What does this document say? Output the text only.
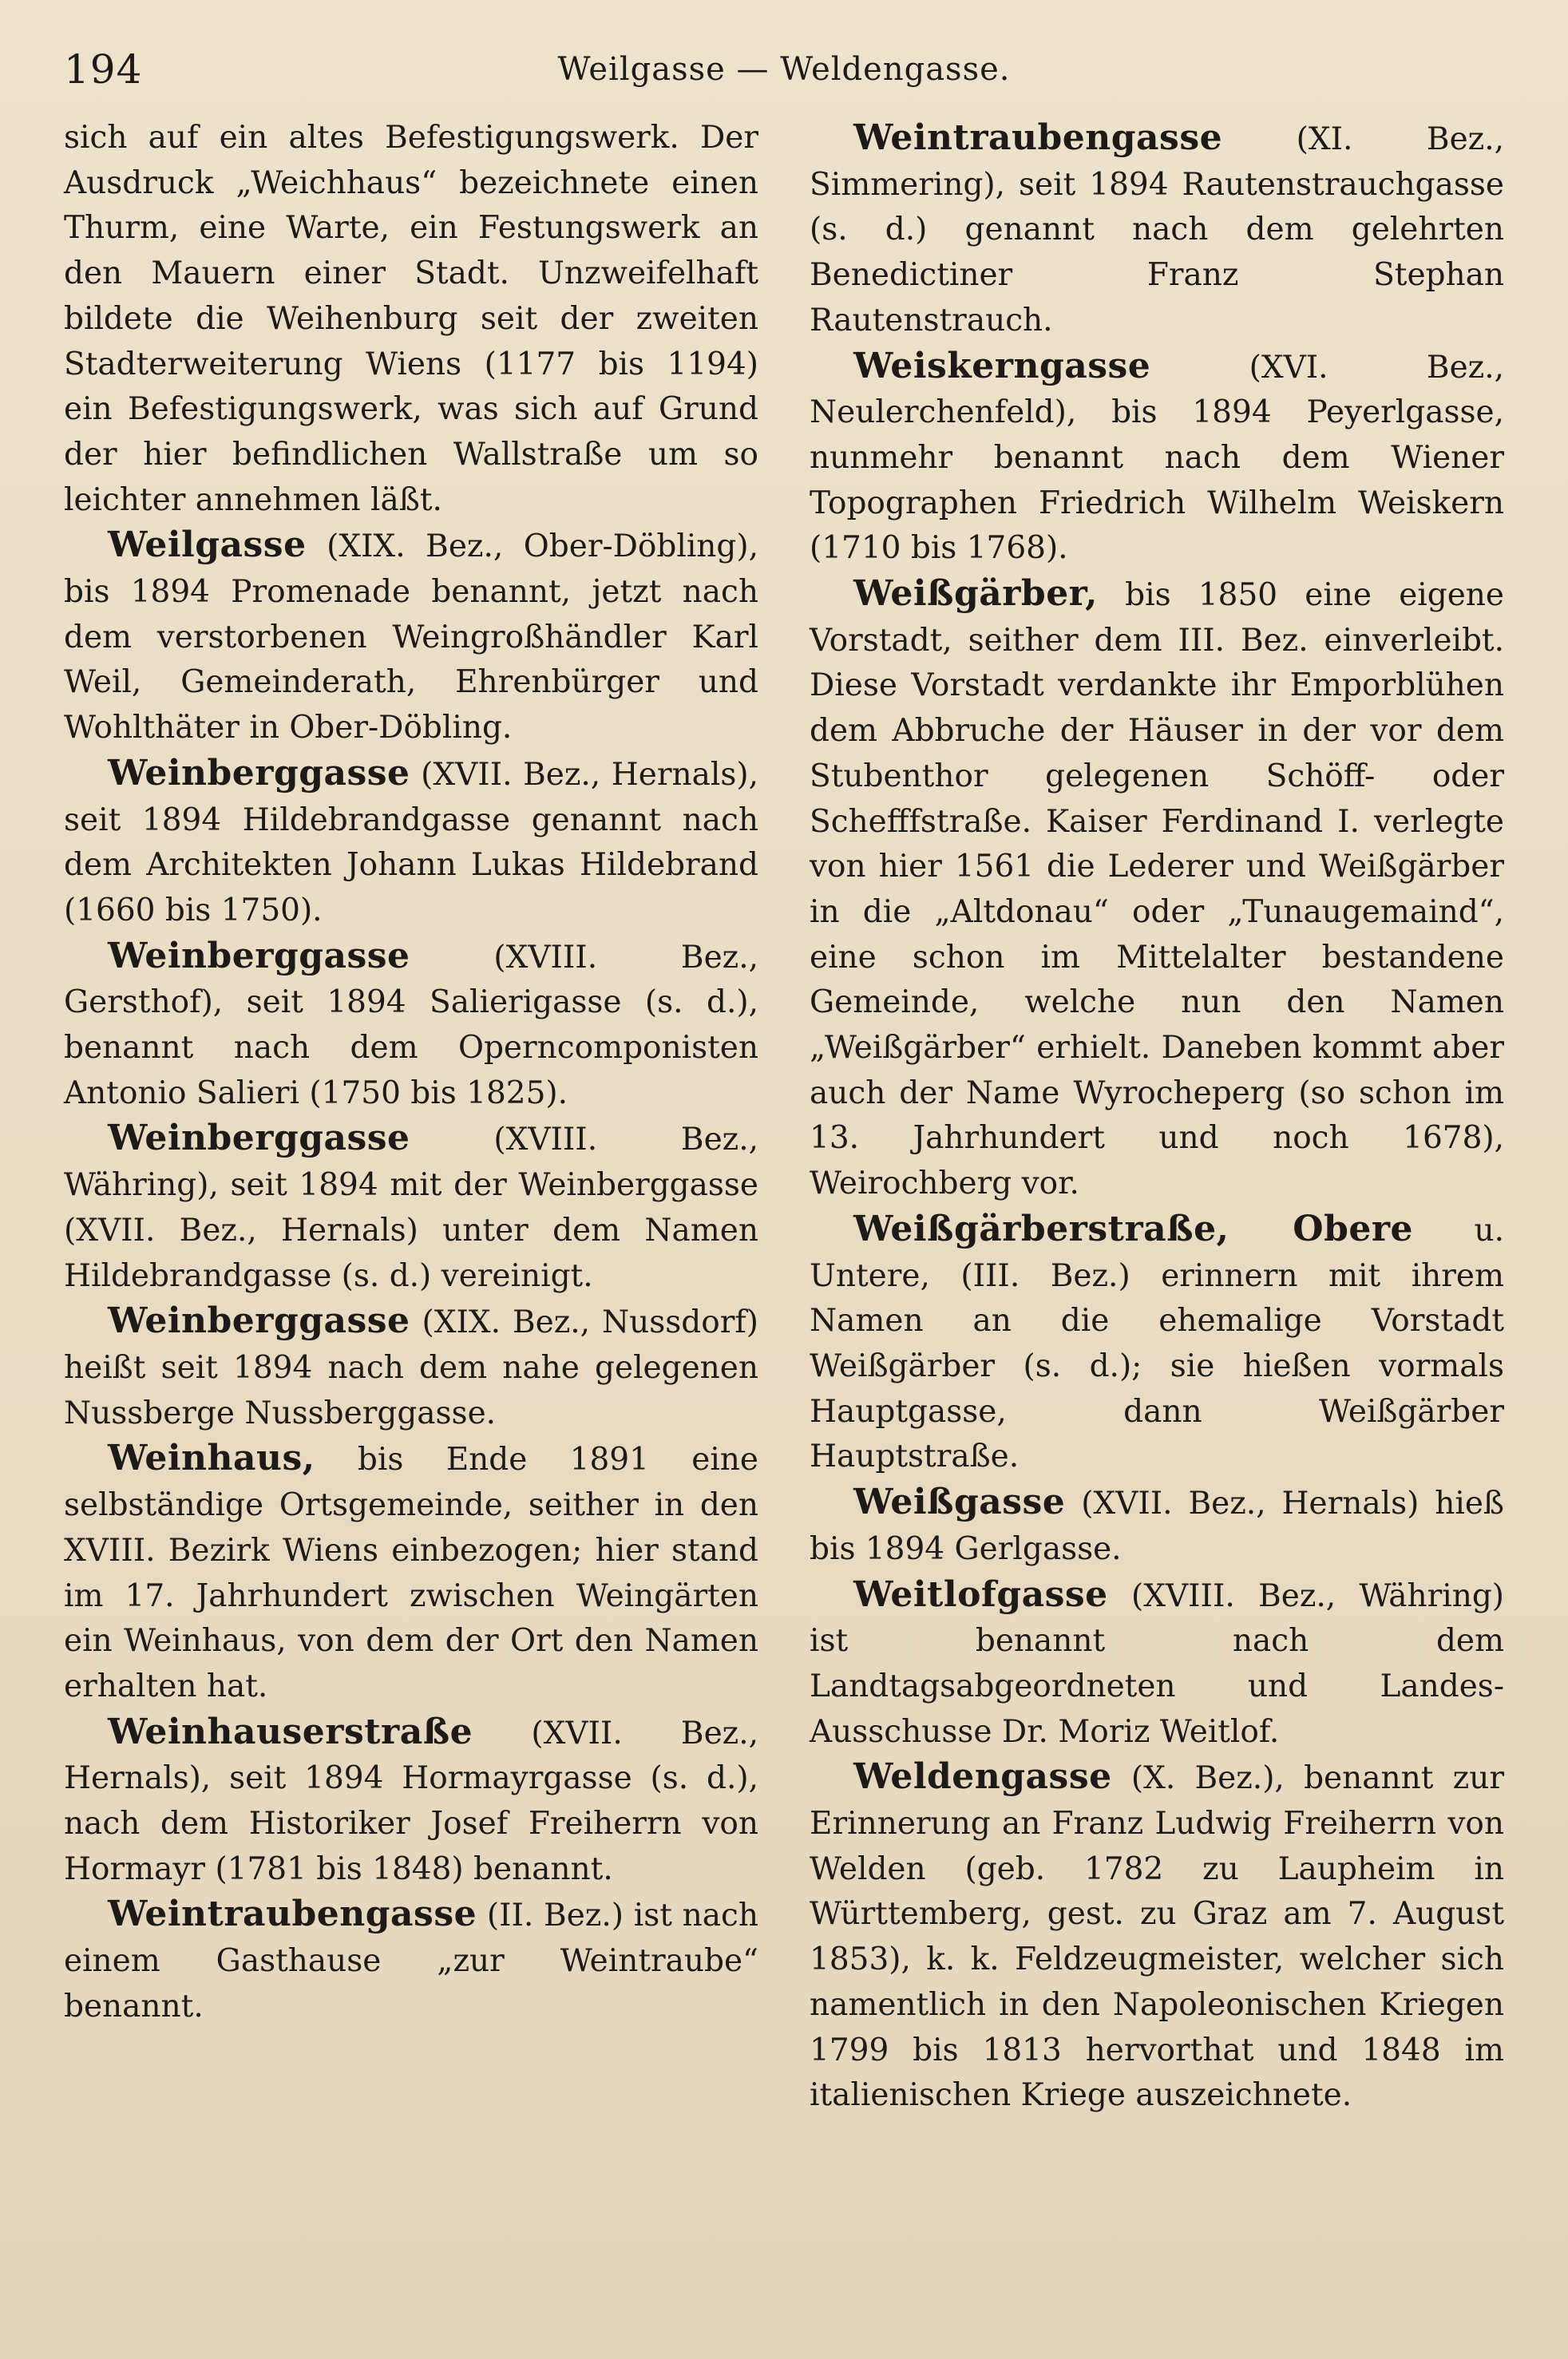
194	Weilgasse — Weldengasse.

sich auf ein altes Befestigungswerk. Der Ausdruck „Weichhaus“ bezeichnete einen Thurm, eine Warte, ein Festungswerk an den Mauern einer Stadt. Unzweifelhaft bildete die Weihenburg seit der zweiten Stadterweiterung Wiens (1177 bis 1194) ein Befestigungswerk, was sich auf Grund der hier befindlichen Wallstraße um so leichter annehmen läßt.

Weilgasse (XIX. Bez., Ober-Döbling), bis 1894 Promenade benannt, jetzt nach dem verstorbenen Weingroßhändler Karl Weil, Gemeinderath, Ehrenbürger und Wohlthäter in Ober-Döbling.

Weinberggasse (XVII. Bez., Hernals), seit 1894 Hildebrandgasse genannt nach dem Architekten Johann Lukas Hildebrand (1660 bis 1750).

Weinberggasse (XVIII. Bez., Gersthof), seit 1894 Salierigasse (s. d.), benannt nach dem Operncomponisten Antonio Salieri (1750 bis 1825).

Weinberggasse (XVIII. Bez., Währing), seit 1894 mit der Weinberggasse (XVII. Bez., Hernals) unter dem Namen Hildebrandgasse (s. d.) vereinigt.

Weinberggasse (XIX. Bez., Nussdorf) heißt seit 1894 nach dem nahe gelegenen Nussberge Nussberggasse.

Weinhaus, bis Ende 1891 eine selbständige Ortsgemeinde, seither in den XVIII. Bezirk Wiens einbezogen; hier stand im 17. Jahrhundert zwischen Weingärten ein Weinhaus, von dem der Ort den Namen erhalten hat.

Weinhauserstraße (XVII. Bez., Hernals), seit 1894 Hormayrgasse (s. d.), nach dem Historiker Josef Freiherrn von Hormayr (1781 bis 1848) benannt.

Weintraubengasse (II. Bez.) ist nach einem Gasthause „zur Weintraube“ benannt.

Weintraubengasse (XI. Bez., Simmering), seit 1894 Rautenstrauchgasse (s. d.) genannt nach dem gelehrten Benedictiner Franz Stephan Rautenstrauch.

Weiskerngasse (XVI. Bez., Neulerchenfeld), bis 1894 Peyerlgasse, nunmehr benannt nach dem Wiener Topographen Friedrich Wilhelm Weiskern (1710 bis 1768).

Weißgärber, bis 1850 eine eigene Vorstadt, seither dem III. Bez. einverleibt. Diese Vorstadt verdankte ihr Emporblühen dem Abbruche der Häuser in der vor dem Stubenthor gelegenen Schöff- oder Schefffstraße. Kaiser Ferdinand I. verlegte von hier 1561 die Lederer und Weißgärber in die „Altdonau“ oder „Tunaugemaind“, eine schon im Mittelalter bestandene Gemeinde, welche nun den Namen „Weißgärber“ erhielt. Daneben kommt aber auch der Name Wyrocheperg (so schon im 13. Jahrhundert und noch 1678), Weirochberg vor.

Weißgärberstraße, Obere u. Untere, (III. Bez.) erinnern mit ihrem Namen an die ehemalige Vorstadt Weißgärber (s. d.); sie hießen vormals Hauptgasse, dann Weißgärber Hauptstraße.

Weißgasse (XVII. Bez., Hernals) hieß bis 1894 Gerlgasse.

Weitlofgasse (XVIII. Bez., Währing) ist benannt nach dem Landtagsabgeordneten und Landes-Ausschusse Dr. Moriz Weitlof.

Weldengasse (X. Bez.), benannt zur Erinnerung an Franz Ludwig Freiherrn von Welden (geb. 1782 zu Laupheim in Württemberg, gest. zu Graz am 7. August 1853), k. k. Feldzeugmeister, welcher sich namentlich in den Napoleonischen Kriegen 1799 bis 1813 hervorthat und 1848 im italienischen Kriege auszeichnete.
